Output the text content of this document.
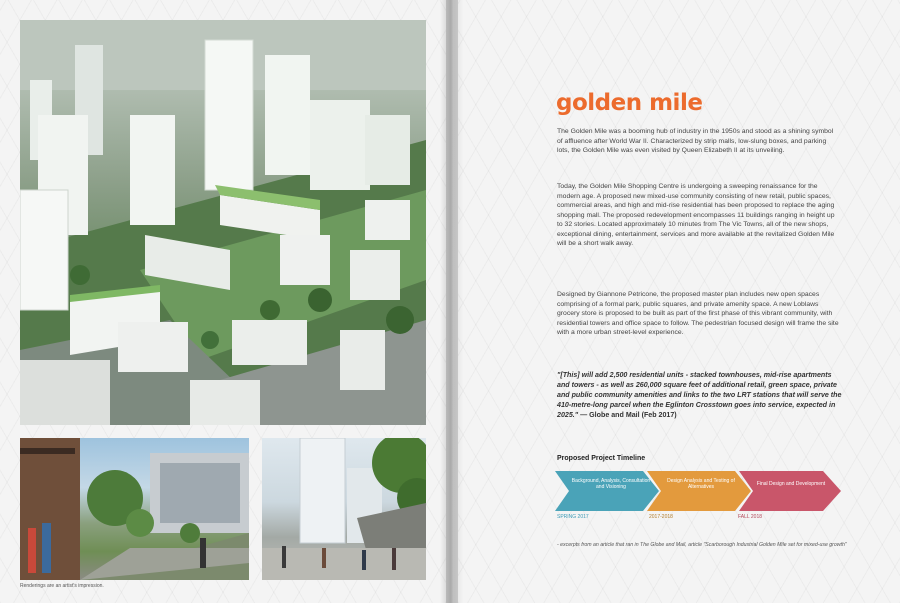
Renderings are an artist's impression.
golden mile

The Golden Mile was a booming hub of industry in the 1950s and stood as a shining symbol of affluence after World War II. Characterized by strip malls, low-slung boxes, and parking lots, the Golden Mile was even visited by Queen Elizabeth II at its unveiling.

Today, the Golden Mile Shopping Centre is undergoing a sweeping renaissance for the modern age. A proposed new mixed-use community consisting of new retail, public spaces, commercial areas, and high and mid-rise residential has been proposed to replace the aging shopping mall. The proposed redevelopment encompasses 11 buildings ranging in height up to 32 stories. Located approximately 10 minutes from The Vic Towns, all of the new shops, exceptional dining, entertainment, services and more available at the revitalized Golden Mile will be a short walk away.

Designed by Giannone Petricone, the proposed master plan includes new open spaces comprising of a formal park, public squares, and private amenity space. A new Loblaws grocery store is proposed to be built as part of the first phase of this vibrant community, with residential towers and office space to follow. The pedestrian focused design will frame the site with a more urban street-level experience.

"[This] will add 2,500 residential units - stacked townhouses, mid-rise apartments and towers - as well as 260,000 square feet of additional retail, green space, private and public community amenities and links to the two LRT stations that will serve the 410-metre-long parcel when the Eglinton Crosstown goes into service, expected in 2025." — Globe and Mail (Feb 2017)

Proposed Project Timeline
Background, Analysis, Consultation and Visioning
Design Analysis and Testing of Alternatives
Final Design and Development
SPRING 2017	2017-2018	FALL 2018

- excerpts from an article that ran in The Globe and Mail, article "Scarborough Industrial Golden Mile set for mixed-use growth"
